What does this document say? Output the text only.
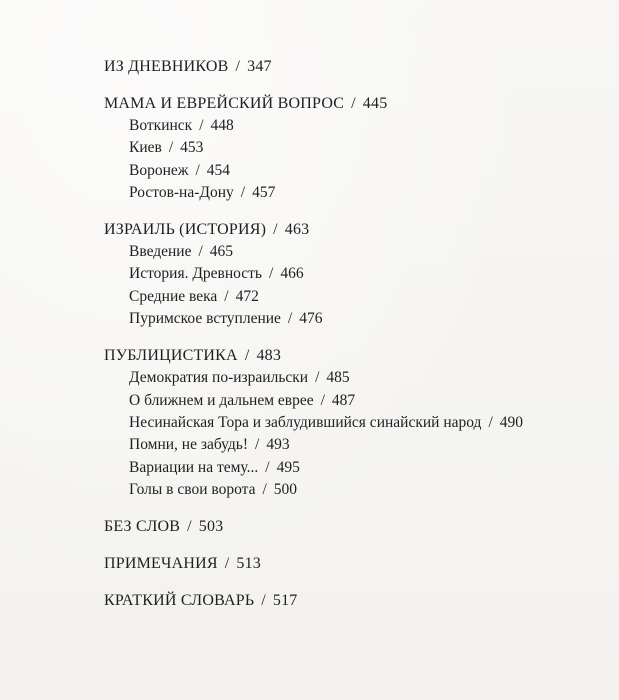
ИЗ ДНЕВНИКОВ / 347
МАМА И ЕВРЕЙСКИЙ ВОПРОС / 445
Воткинск / 448
Киев / 453
Воронеж / 454
Ростов-на-Дону / 457
ИЗРАИЛЬ (ИСТОРИЯ) / 463
Введение / 465
История. Древность / 466
Средние века / 472
Пуримское вступление / 476
ПУБЛИЦИСТИКА / 483
Демократия по-израильски / 485
О ближнем и дальнем еврее / 487
Несинайская Тора и заблудившийся синайский народ / 490
Помни, не забудь! / 493
Вариации на тему... / 495
Голы в свои ворота / 500
БЕЗ СЛОВ / 503
ПРИМЕЧАНИЯ / 513
КРАТКИЙ СЛОВАРЬ / 517
